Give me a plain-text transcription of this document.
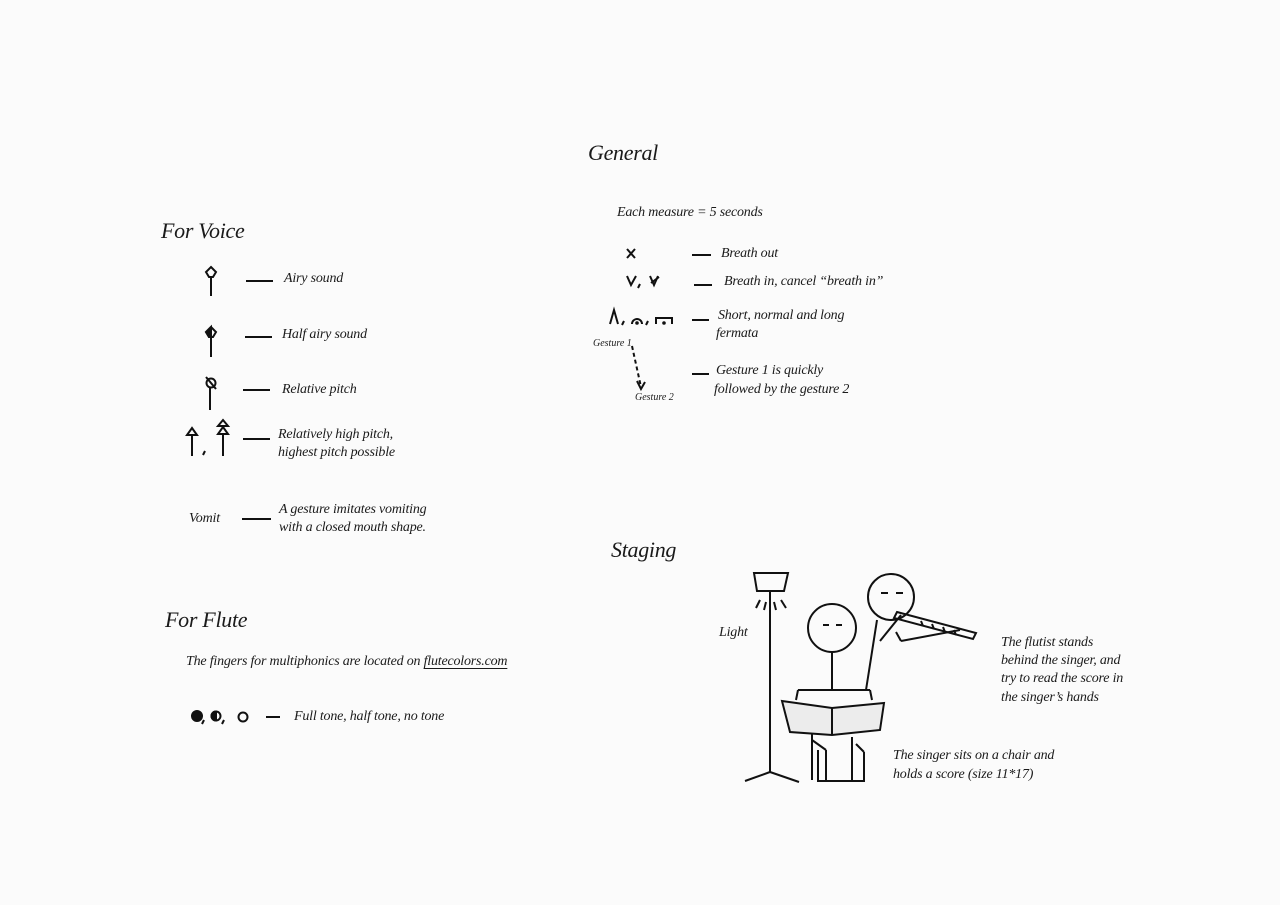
General
Each measure = 5 seconds
Breath out
Breath in, cancel “breath in”
Short, normal and long
fermata
Gesture 1
Gesture 2
Gesture 1 is quickly
followed by the gesture 2
For Voice
Airy sound
Half airy sound
Relative pitch
Relatively high pitch,
highest pitch possible
Vomit
A gesture imitates vomiting
with a closed mouth shape.
For Flute
The fingers for multiphonics are located on flutecolors.com
Full tone, half tone, no tone
Staging
Light
The flutist stands
behind the singer, and
try to read the score in
the singer’s hands
The singer sits on a chair and
holds a score (size 11*17)
